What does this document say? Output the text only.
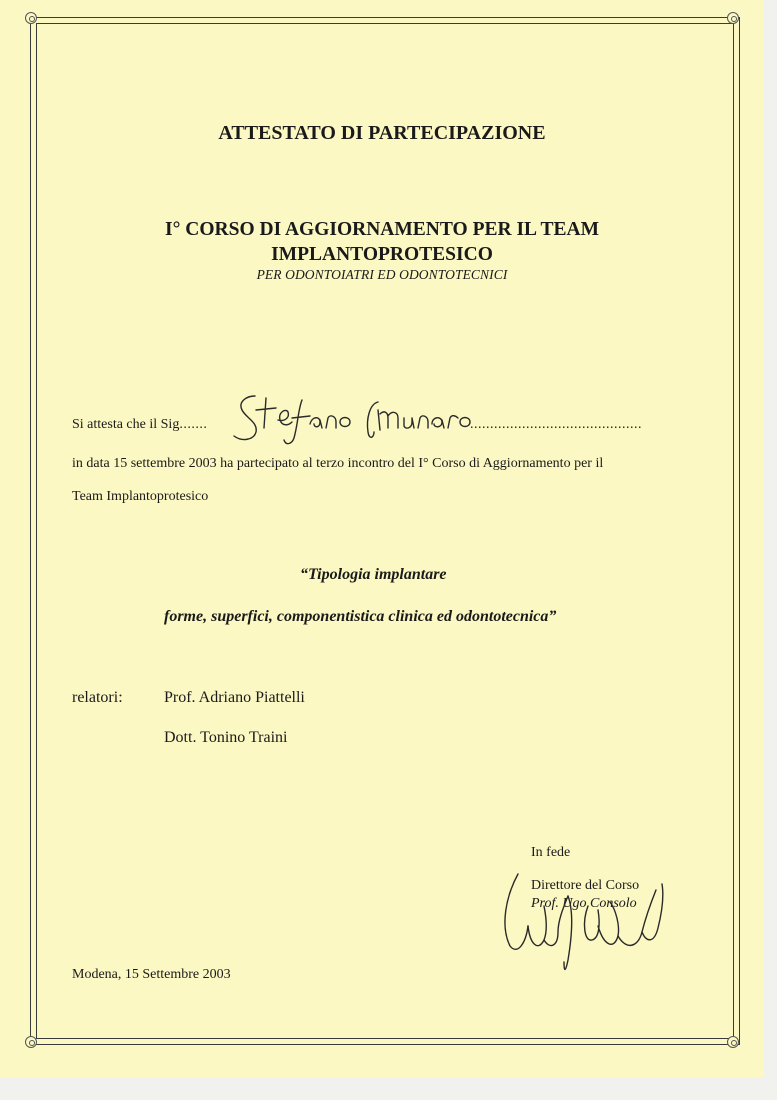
ATTESTATO DI PARTECIPAZIONE
I° CORSO DI AGGIORNAMENTO PER IL TEAM
IMPLANTOPROTESICO
PER ODONTOIATRI ED ODONTOTECNICI
Si attesta che il Sig.......	...........................................
in data 15 settembre 2003 ha partecipato al terzo incontro del I° Corso di Aggiornamento per il
Team Implantoprotesico
“Tipologia implantare
forme, superfici, componentistica clinica ed odontotecnica”
relatori:	Prof. Adriano Piattelli
Dott. Tonino Traini
In fede
Direttore del Corso
Prof. Ugo Consolo
Modena, 15 Settembre 2003
